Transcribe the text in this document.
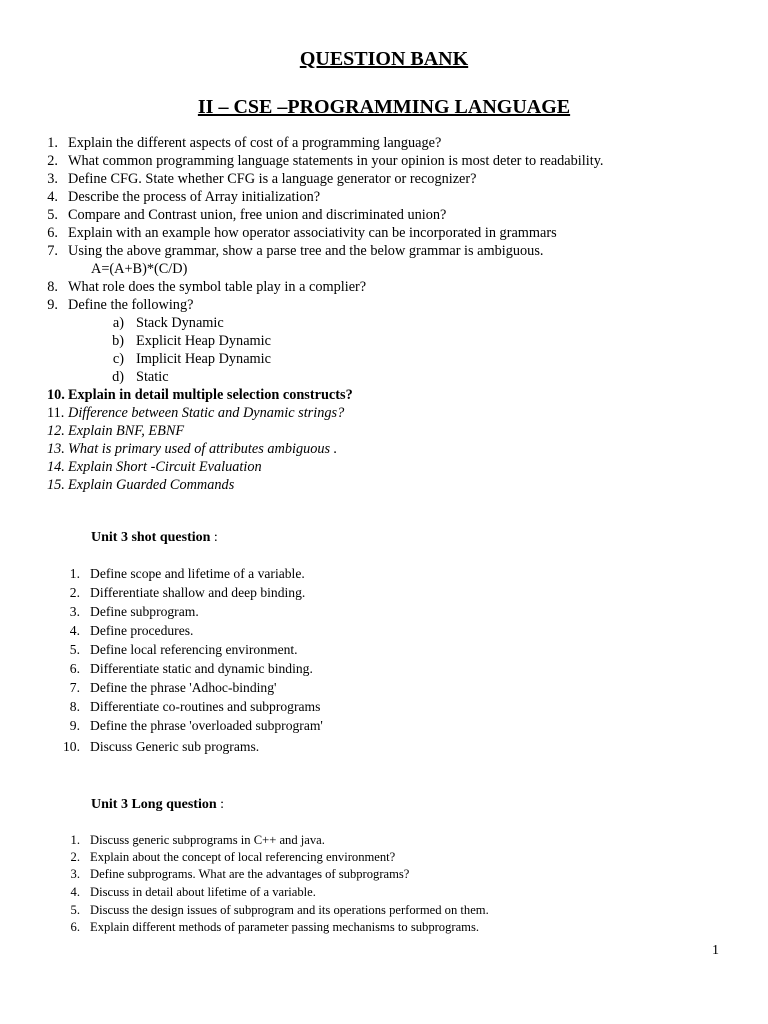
QUESTION BANK
II – CSE –PROGRAMMING LANGUAGE
1. Explain the different aspects of cost of a programming language?
2. What common programming language statements in your opinion is most deter to readability.
3. Define CFG. State whether CFG is a language generator or recognizer?
4. Describe the process of Array initialization?
5. Compare and Contrast union, free union and discriminated union?
6. Explain with an example how operator associativity can be incorporated in grammars
7. Using the above grammar, show a parse tree and the below grammar is ambiguous.
A=(A+B)*(C/D)
8. What role does the symbol table play in a complier?
9. Define the following?
a) Stack Dynamic
b) Explicit Heap Dynamic
c) Implicit Heap Dynamic
d) Static
10. Explain in detail multiple selection constructs?
11. Difference between Static and Dynamic strings?
12. Explain BNF, EBNF
13. What is primary used of attributes ambiguous .
14. Explain Short -Circuit Evaluation
15. Explain Guarded Commands
Unit 3 shot question :
1. Define scope and lifetime of a variable.
2. Differentiate shallow and deep binding.
3. Define subprogram.
4. Define procedures.
5. Define local referencing environment.
6. Differentiate static and dynamic binding.
7. Define the phrase 'Adhoc-binding'
8. Differentiate co-routines and subprograms
9. Define the phrase 'overloaded subprogram'
10. Discuss Generic sub programs.
Unit 3 Long question :
1. Discuss generic subprograms in C++ and java.
2. Explain about the concept of local referencing environment?
3. Define subprograms. What are the advantages of subprograms?
4. Discuss in detail about lifetime of a variable.
5. Discuss the design issues of subprogram and its operations performed on them.
6. Explain different methods of parameter passing mechanisms to subprograms.
1
